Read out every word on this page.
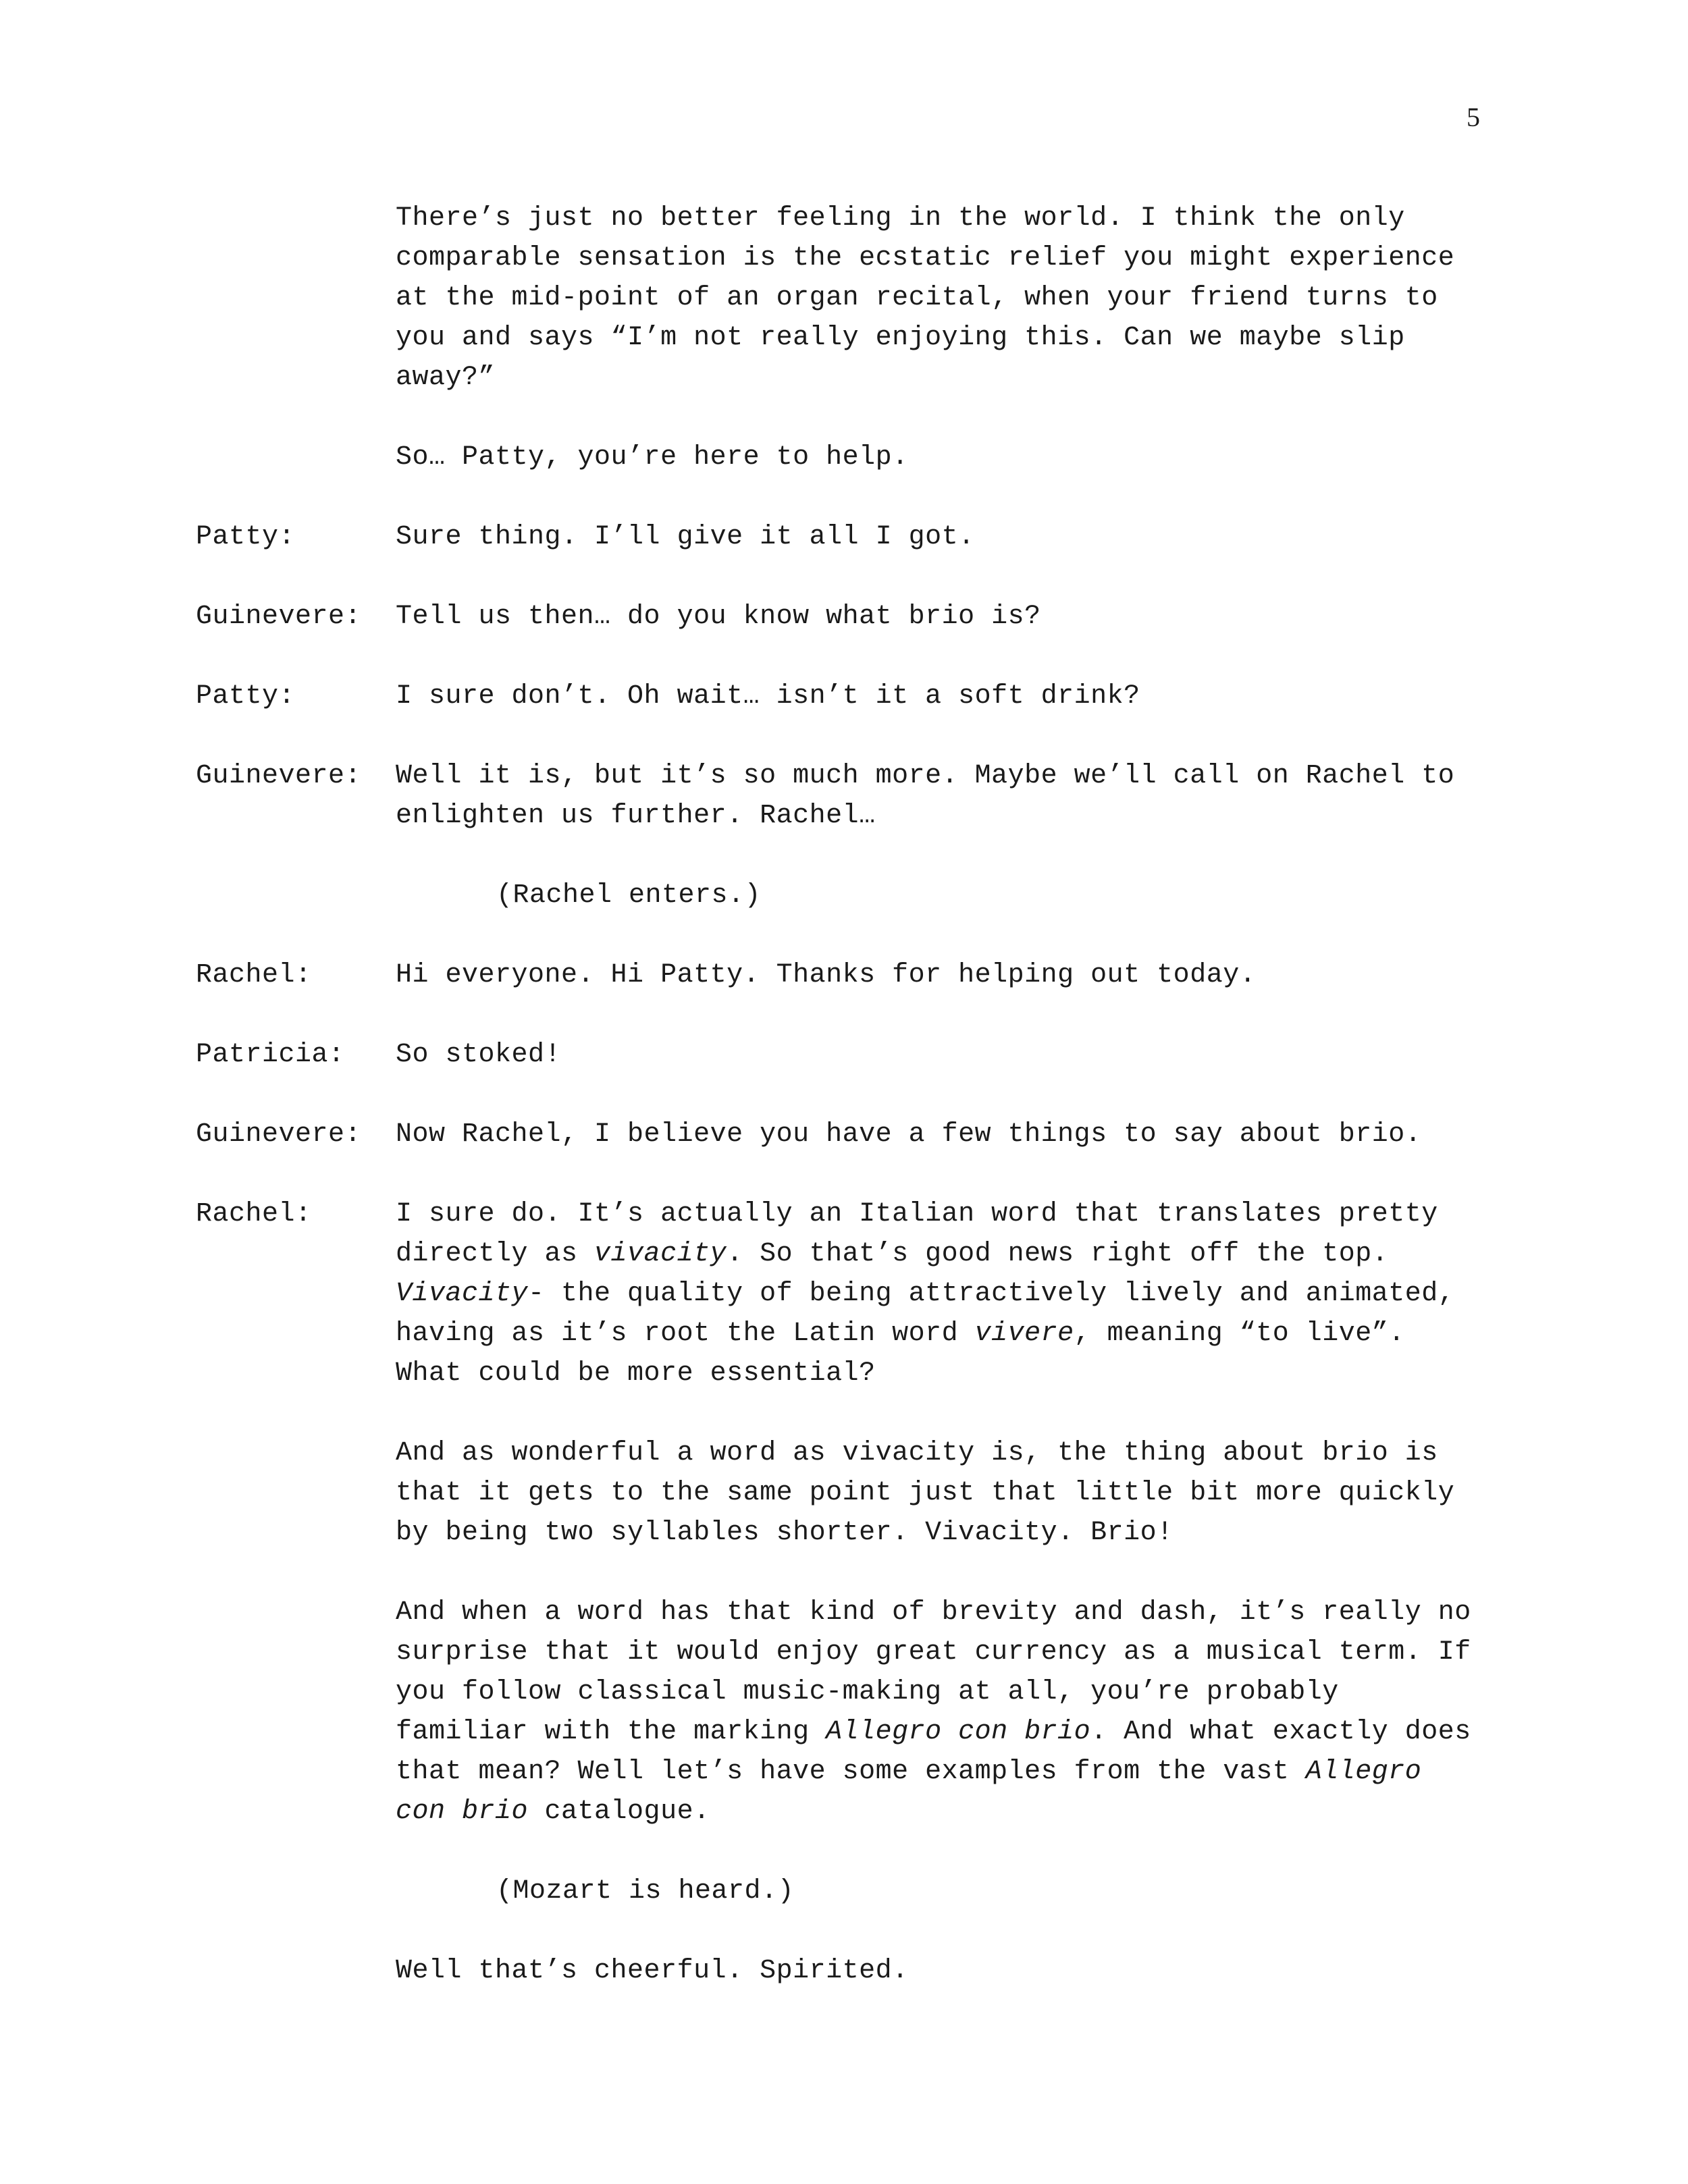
5
There’s just no better feeling in the world. I think the only
comparable sensation is the ecstatic relief you might experience
at the mid-point of an organ recital, when your friend turns to
you and says “I’m not really enjoying this. Can we maybe slip
away?”
So… Patty, you’re here to help.
Patty:	Sure thing. I’ll give it all I got.
Guinevere:	Tell us then… do you know what brio is?
Patty:	I sure don’t. Oh wait… isn’t it a soft drink?
Guinevere:	Well it is, but it’s so much more. Maybe we’ll call on Rachel to
enlighten us further. Rachel…
(Rachel enters.)
Rachel:	Hi everyone. Hi Patty. Thanks for helping out today.
Patricia:	So stoked!
Guinevere:	Now Rachel, I believe you have a few things to say about brio.
Rachel:	I sure do. It’s actually an Italian word that translates pretty
directly as vivacity. So that’s good news right off the top.
Vivacity- the quality of being attractively lively and animated,
having as it’s root the Latin word vivere, meaning “to live”.
What could be more essential?
And as wonderful a word as vivacity is, the thing about brio is
that it gets to the same point just that little bit more quickly
by being two syllables shorter. Vivacity. Brio!
And when a word has that kind of brevity and dash, it’s really no
surprise that it would enjoy great currency as a musical term. If
you follow classical music-making at all, you’re probably
familiar with the marking Allegro con brio. And what exactly does
that mean? Well let’s have some examples from the vast Allegro
con brio catalogue.
(Mozart is heard.)
Well that’s cheerful. Spirited.
